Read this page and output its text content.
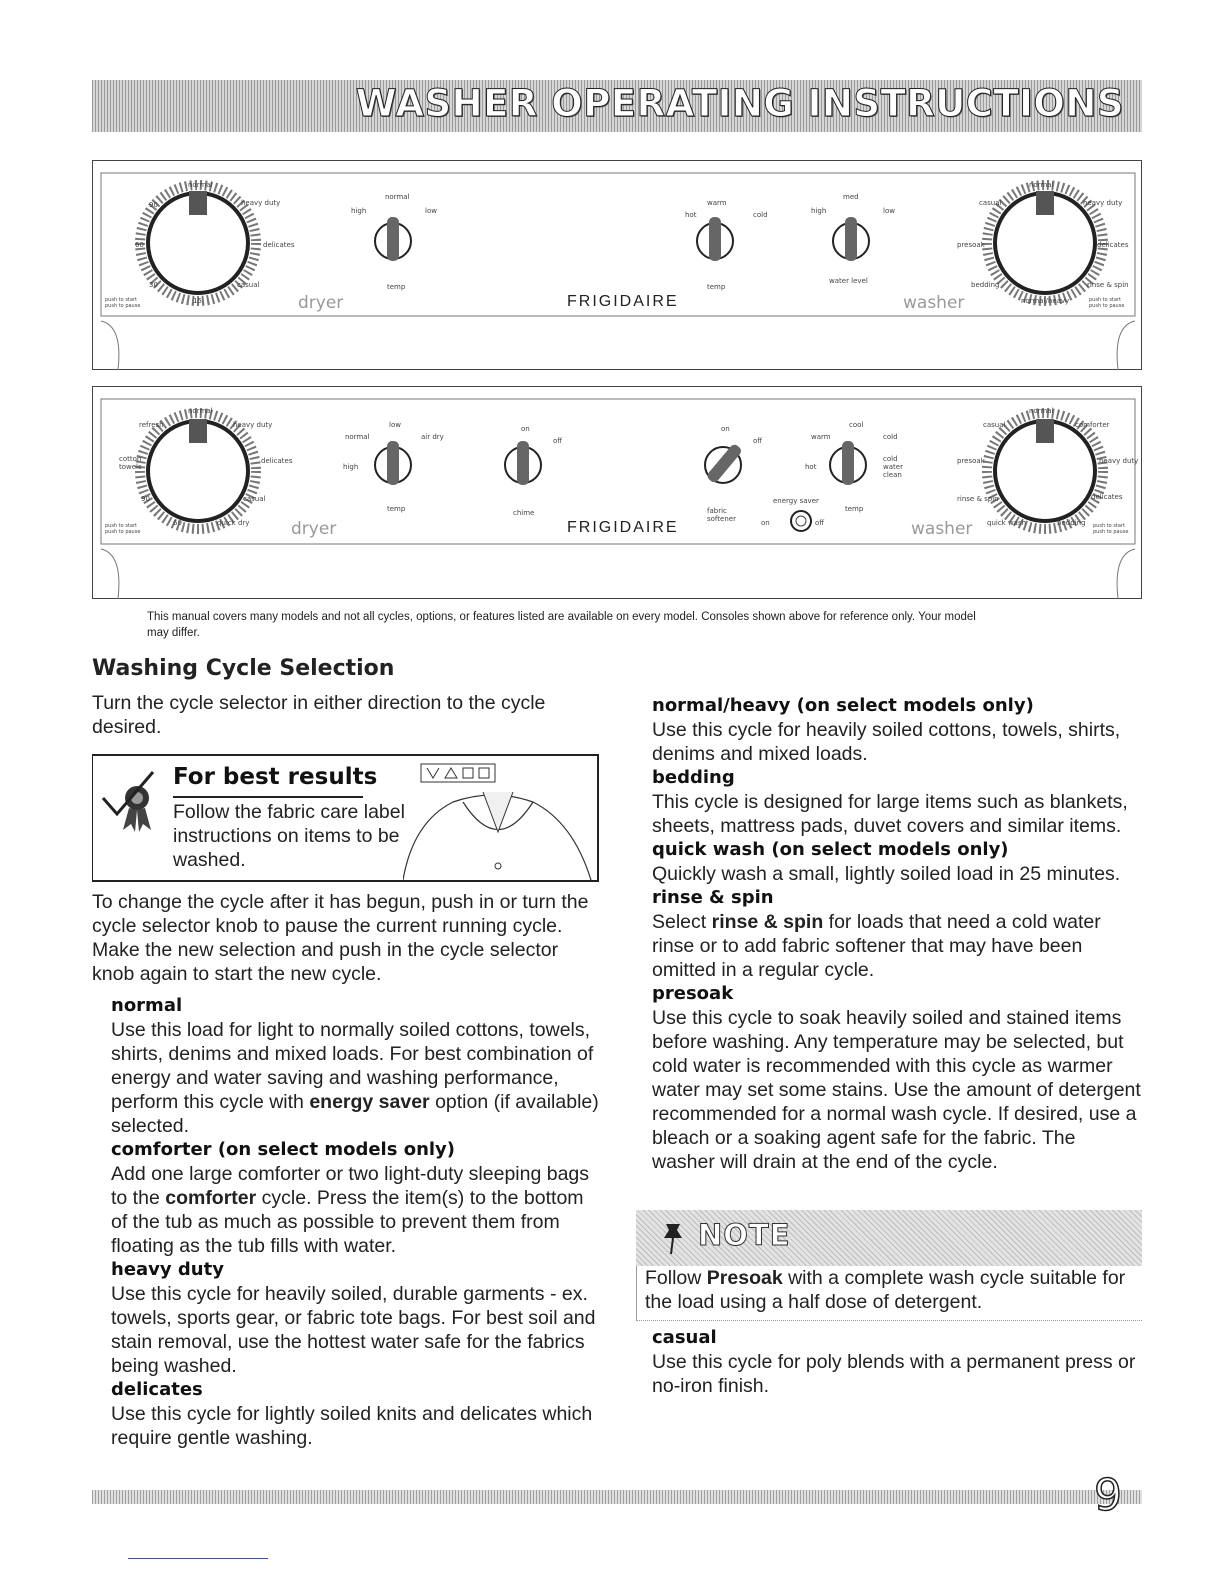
WASHER OPERATING INSTRUCTIONS
normal
heavy duty
delicates
casual
90
60
30
15
push to start push to pause
normal
high	low
temp
dryer	FRIGIDAIRE
warm
hot	cold
temp
med
high	low
water level
washer
normal
casual	heavy duty
presoak	delicates
bedding	rinse & spin
normal/heavy	push to start push to pause
normal
refresh	heavy duty
cotton towels
delicates
casual
90
60	quick dry
push to start push to pause
low
normal	air dry
high
temp
dryer
on
off
chime
FRIGIDAIRE
on
off
fabric softener
energy saver
on	off
cool
warm	cold
hot
cold water clean
temp
washer
normal
casual	comforter
presoak	heavy duty
rinse & spin	delicates
quick wash	bedding push to start push to pause
This manual covers many models and not all cycles, options, or features listed are available on every model. Consoles shown above for reference only. Your model may differ.
Washing Cycle Selection
Turn the cycle selector in either direction to the cycle desired.
For best results
Follow the fabric care label instructions on items to be washed.
To change the cycle after it has begun, push in or turn the cycle selector knob to pause the current running cycle. Make the new selection and push in the cycle selector knob again to start the new cycle.
normal
Use this load for light to normally soiled cottons, towels, shirts, denims and mixed loads. For best combination of energy and water saving and washing performance, perform this cycle with energy saver option (if available) selected.
comforter (on select models only)
Add one large comforter or two light-duty sleeping bags to the comforter cycle. Press the item(s) to the bottom of the tub as much as possible to prevent them from floating as the tub fills with water.
heavy duty
Use this cycle for heavily soiled, durable garments - ex. towels, sports gear, or fabric tote bags. For best soil and stain removal, use the hottest water safe for the fabrics being washed.
delicates
Use this cycle for lightly soiled knits and delicates which require gentle washing.
normal/heavy (on select models only)
Use this cycle for heavily soiled cottons, towels, shirts, denims and mixed loads.
bedding
This cycle is designed for large items such as blankets, sheets, mattress pads, duvet covers and similar items.
quick wash (on select models only)
Quickly wash a small, lightly soiled load in 25 minutes.
rinse & spin
Select rinse & spin for loads that need a cold water rinse or to add fabric softener that may have been omitted in a regular cycle.
presoak
Use this cycle to soak heavily soiled and stained items before washing. Any temperature may be selected, but cold water is recommended with this cycle as warmer water may set some stains. Use the amount of detergent recommended for a normal wash cycle. If desired, use a bleach or a soaking agent safe for the fabric. The washer will drain at the end of the cycle.
NOTE
Follow Presoak with a complete wash cycle suitable for the load using a half dose of detergent.
casual
Use this cycle for poly blends with a permanent press or no-iron finish.
9
